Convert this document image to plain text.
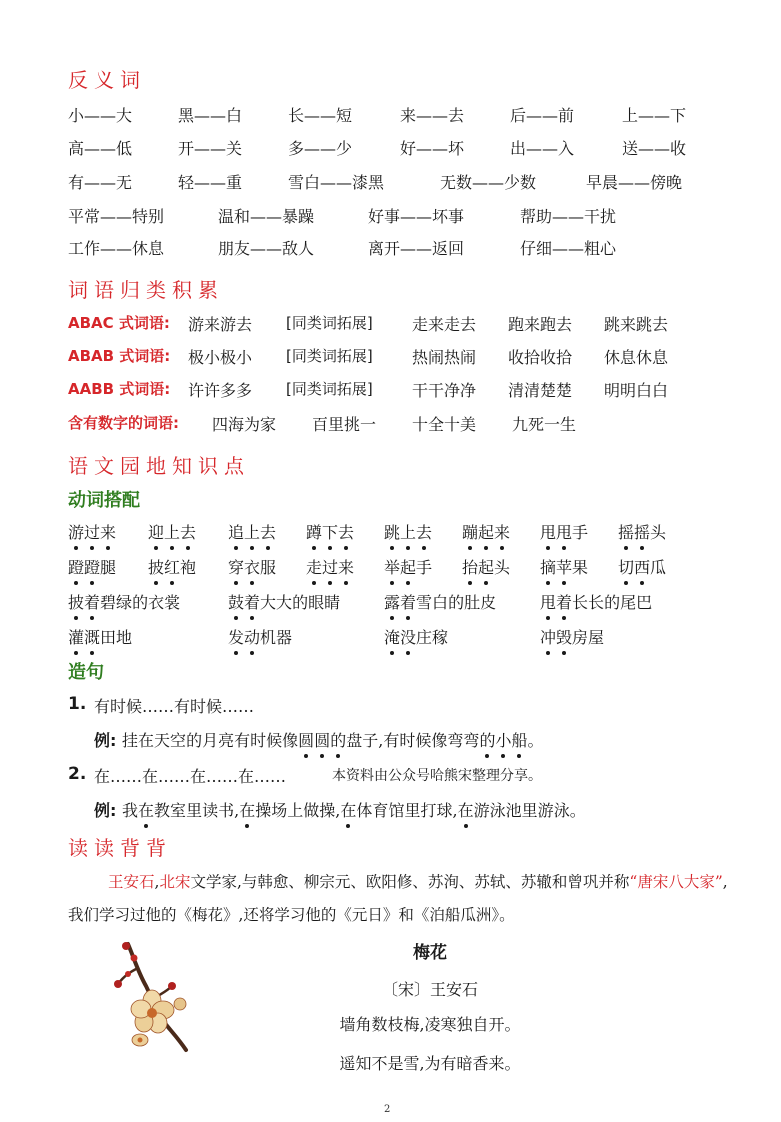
反义词
小——大	黑——白	长——短	来——去	后——前	上——下
高——低	开——关	多——少	好——坏	出——入	送——收
有——无	轻——重	雪白——漆黑	无数——少数	早晨——傍晚
平常——特别	温和——暴躁	好事——坏事	帮助——干扰
工作——休息	朋友——敌人	离开——返回	仔细——粗心
词语归类积累
ABAC 式词语: 游来游去 [同类词拓展] 走来走去 跑来跑去 跳来跳去
ABAB 式词语: 极小极小 [同类词拓展] 热闹热闹 收拾收拾 休息休息
AABB 式词语: 许许多多 [同类词拓展] 干干净净 清清楚楚 明明白白
含有数字的词语: 四海为家 百里挑一 十全十美 九死一生
语文园地知识点
动词搭配
游过来 迎上去 追上去 蹲下去 跳上去 蹦起来 甩甩手 摇摇头
蹬蹬腿 披红袍 穿衣服 走过来 举起手 抬起头 摘苹果 切西瓜
披着碧绿的衣裳	鼓着大大的眼睛	露着雪白的肚皮	甩着长长的尾巴
灌溉田地	发动机器	淹没庄稼	冲毁房屋
造句
1. 有时候……有时候……
例: 挂在天空的月亮有时候像圆圆的盘子,有时候像弯弯的小船。
2. 在……在……在……在……	本资料由公众号哈熊宋整理分享。
例: 我在教室里读书,在操场上做操,在体育馆里打球,在游泳池里游泳。
读读背背
王安石,北宋文学家,与韩愈、柳宗元、欧阳修、苏洵、苏轼、苏辙和曾巩并称“唐宋八大家”,我们学习过他的《梅花》,还将学习他的《元日》和《泊船瓜洲》。
梅花
〔宋〕王安石
墙角数枝梅,凌寒独自开。
遥知不是雪,为有暗香来。
2
